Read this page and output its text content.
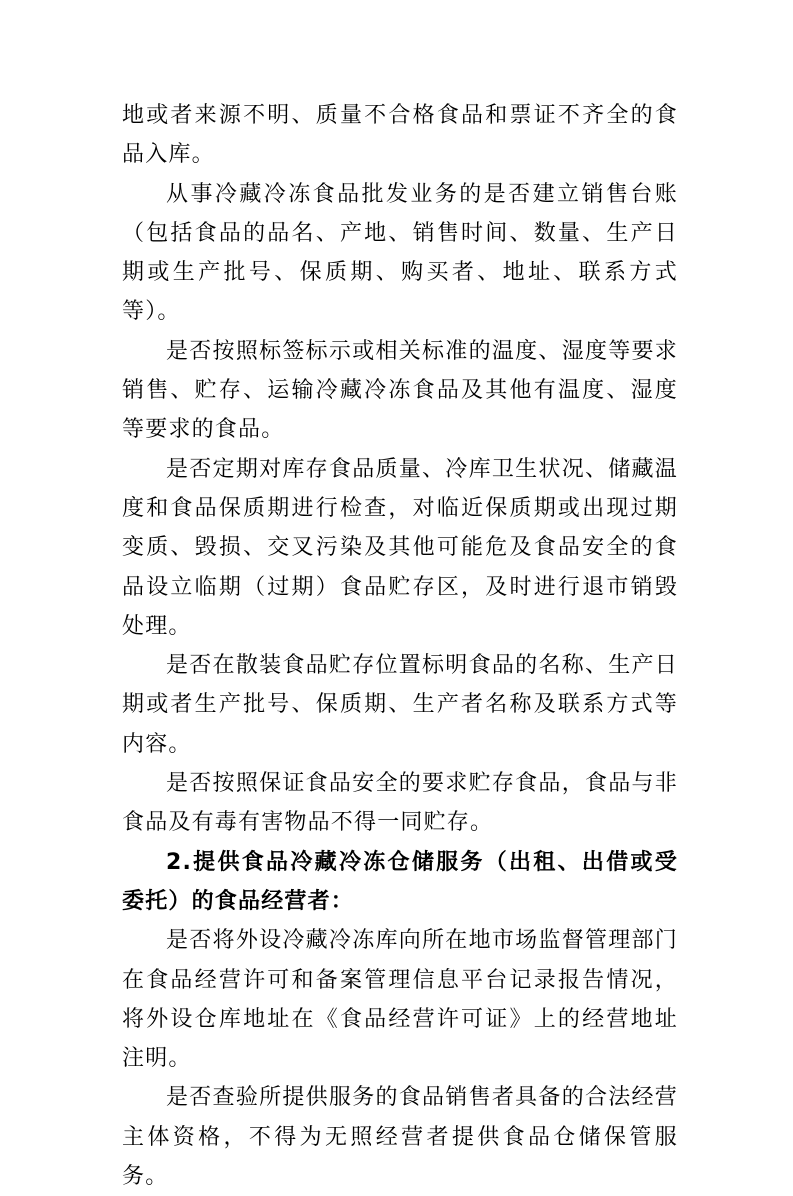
地或者来源不明、质量不合格食品和票证不齐全的食品入库。

从事冷藏冷冻食品批发业务的是否建立销售台账（包括食品的品名、产地、销售时间、数量、生产日期或生产批号、保质期、购买者、地址、联系方式等）。

是否按照标签标示或相关标准的温度、湿度等要求销售、贮存、运输冷藏冷冻食品及其他有温度、湿度等要求的食品。

是否定期对库存食品质量、冷库卫生状况、储藏温度和食品保质期进行检查，对临近保质期或出现过期变质、毁损、交叉污染及其他可能危及食品安全的食品设立临期（过期）食品贮存区，及时进行退市销毁处理。

是否在散装食品贮存位置标明食品的名称、生产日期或者生产批号、保质期、生产者名称及联系方式等内容。

是否按照保证食品安全的要求贮存食品，食品与非食品及有毒有害物品不得一同贮存。

2.提供食品冷藏冷冻仓储服务（出租、出借或受委托）的食品经营者：

是否将外设冷藏冷冻库向所在地市场监督管理部门在食品经营许可和备案管理信息平台记录报告情况，将外设仓库地址在《食品经营许可证》上的经营地址注明。

是否查验所提供服务的食品销售者具备的合法经营主体资格，不得为无照经营者提供食品仓储保管服务。
